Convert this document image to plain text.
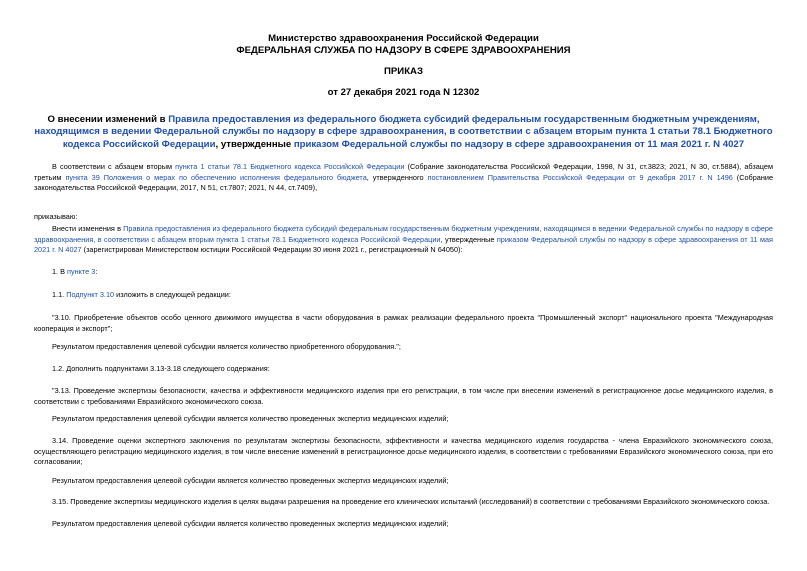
Министерство здравоохранения Российской Федерации
ФЕДЕРАЛЬНАЯ СЛУЖБА ПО НАДЗОРУ В СФЕРЕ ЗДРАВООХРАНЕНИЯ
ПРИКАЗ
от 27 декабря 2021 года N 12302
О внесении изменений в Правила предоставления из федерального бюджета субсидий федеральным государственным бюджетным учреждениям, находящимся в ведении Федеральной службы по надзору в сфере здравоохранения, в соответствии с абзацем вторым пункта 1 статьи 78.1 Бюджетного кодекса Российской Федерации, утвержденные приказом Федеральной службы по надзору в сфере здравоохранения от 11 мая 2021 г. N 4027
В соответствии с абзацем вторым пункта 1 статьи 78.1 Бюджетного кодекса Российской Федерации (Собрание законодательства Российской Федерации, 1998, N 31, ст.3823; 2021, N 30, ст.5884), абзацем третьим пункта 39 Положения о мерах по обеспечению исполнения федерального бюджета, утвержденного постановлением Правительства Российской Федерации от 9 декабря 2017 г. N 1496 (Собрание законодательства Российской Федерации, 2017, N 51, ст.7807; 2021, N 44, ст.7409),
приказываю:
Внести изменения в Правила предоставления из федерального бюджета субсидий федеральным государственным бюджетным учреждениям, находящимся в ведении Федеральной службы по надзору в сфере здравоохранения, в соответствии с абзацем вторым пункта 1 статьи 78.1 Бюджетного кодекса Российской Федерации, утвержденные приказом Федеральной службы по надзору в сфере здравоохранения от 11 мая 2021 г. N 4027 (зарегистрирован Министерством юстиции Российской Федерации 30 июня 2021 г., регистрационный N 64050):
1. В пункте 3:
1.1. Подпункт 3.10 изложить в следующей редакции:
"3.10. Приобретение объектов особо ценного движимого имущества в части оборудования в рамках реализации федерального проекта "Промышленный экспорт" национального проекта "Международная кооперация и экспорт";
Результатом предоставления целевой субсидии является количество приобретенного оборудования.";
1.2. Дополнить подпунктами 3.13-3.18 следующего содержания:
"3.13. Проведение экспертизы безопасности, качества и эффективности медицинского изделия при его регистрации, в том числе при внесении изменений в регистрационное досье медицинского изделия, в соответствии с требованиями Евразийского экономического союза.
Результатом предоставления целевой субсидии является количество проведенных экспертиз медицинских изделий;
3.14. Проведение оценки экспертного заключения по результатам экспертизы безопасности, эффективности и качества медицинского изделия государства - члена Евразийского экономического союза, осуществляющего регистрацию медицинского изделия, в том числе внесение изменений в регистрационное досье медицинского изделия, в соответствии с требованиями Евразийского экономического союза, при его согласовании;
Результатом предоставления целевой субсидии является количество проведенных экспертиз медицинских изделий;
3.15. Проведение экспертизы медицинского изделия в целях выдачи разрешения на проведение его клинических испытаний (исследований) в соответствии с требованиями Евразийского экономического союза.
Результатом предоставления целевой субсидии является количество проведенных экспертиз медицинских изделий;
